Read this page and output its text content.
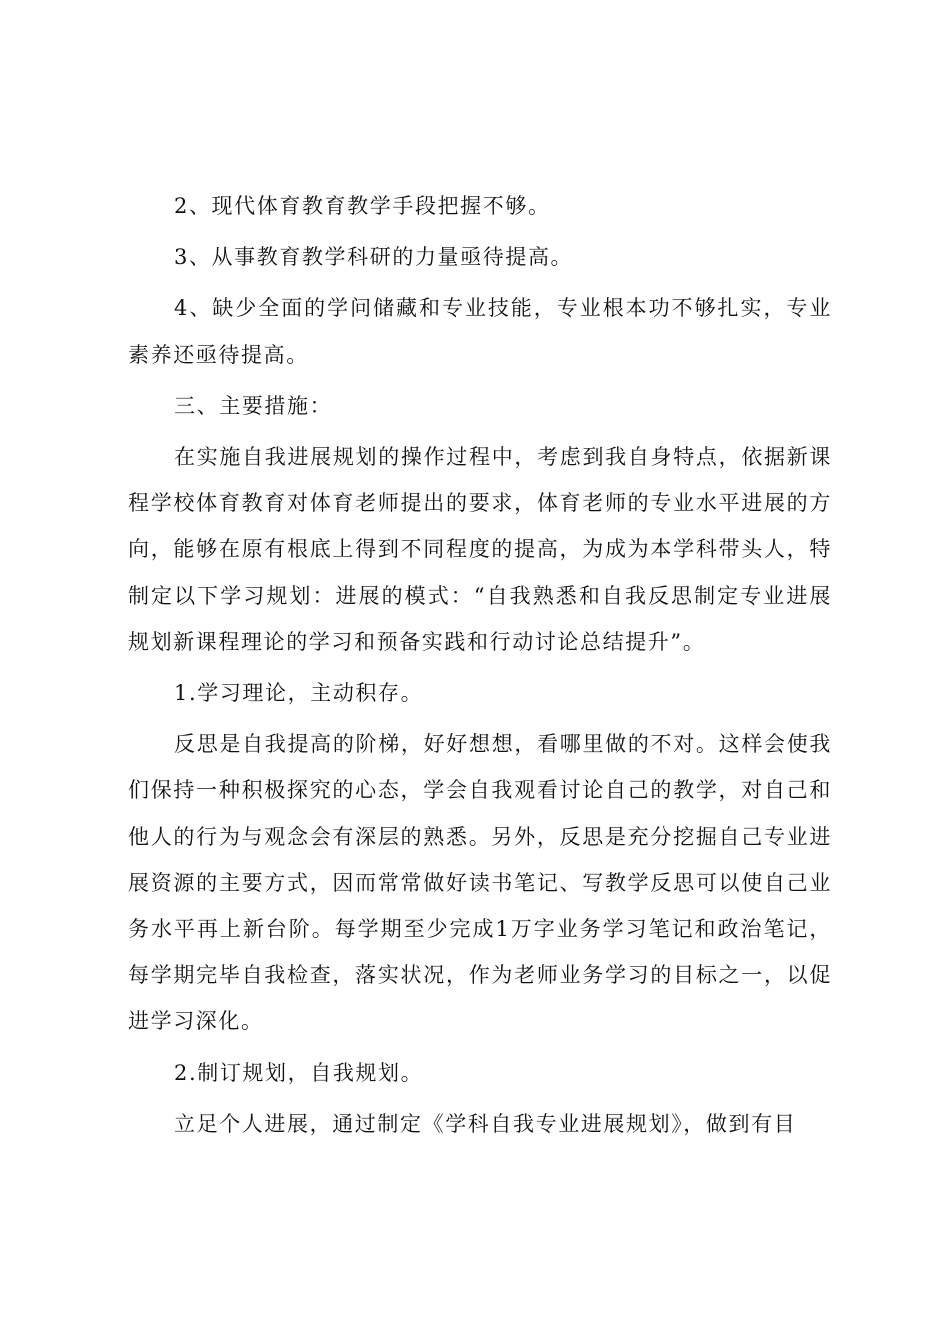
2、现代体育教育教学手段把握不够。

3、从事教育教学科研的力量亟待提高。

4、缺少全面的学问储藏和专业技能，专业根本功不够扎实，专业素养还亟待提高。

三、主要措施：

在实施自我进展规划的操作过程中，考虑到我自身特点，依据新课程学校体育教育对体育老师提出的要求，体育老师的专业水平进展的方向，能够在原有根底上得到不同程度的提高，为成为本学科带头人，特制定以下学习规划：进展的模式：“自我熟悉和自我反思制定专业进展规划新课程理论的学习和预备实践和行动讨论总结提升”。

1.学习理论，主动积存。

反思是自我提高的阶梯，好好想想，看哪里做的不对。这样会使我们保持一种积极探究的心态，学会自我观看讨论自己的教学，对自己和他人的行为与观念会有深层的熟悉。另外，反思是充分挖掘自己专业进展资源的主要方式，因而常常做好读书笔记、写教学反思可以使自己业务水平再上新台阶。每学期至少完成1万字业务学习笔记和政治笔记，每学期完毕自我检查，落实状况，作为老师业务学习的目标之一，以促进学习深化。

2.制订规划，自我规划。

立足个人进展，通过制定《学科自我专业进展规划》，做到有目
